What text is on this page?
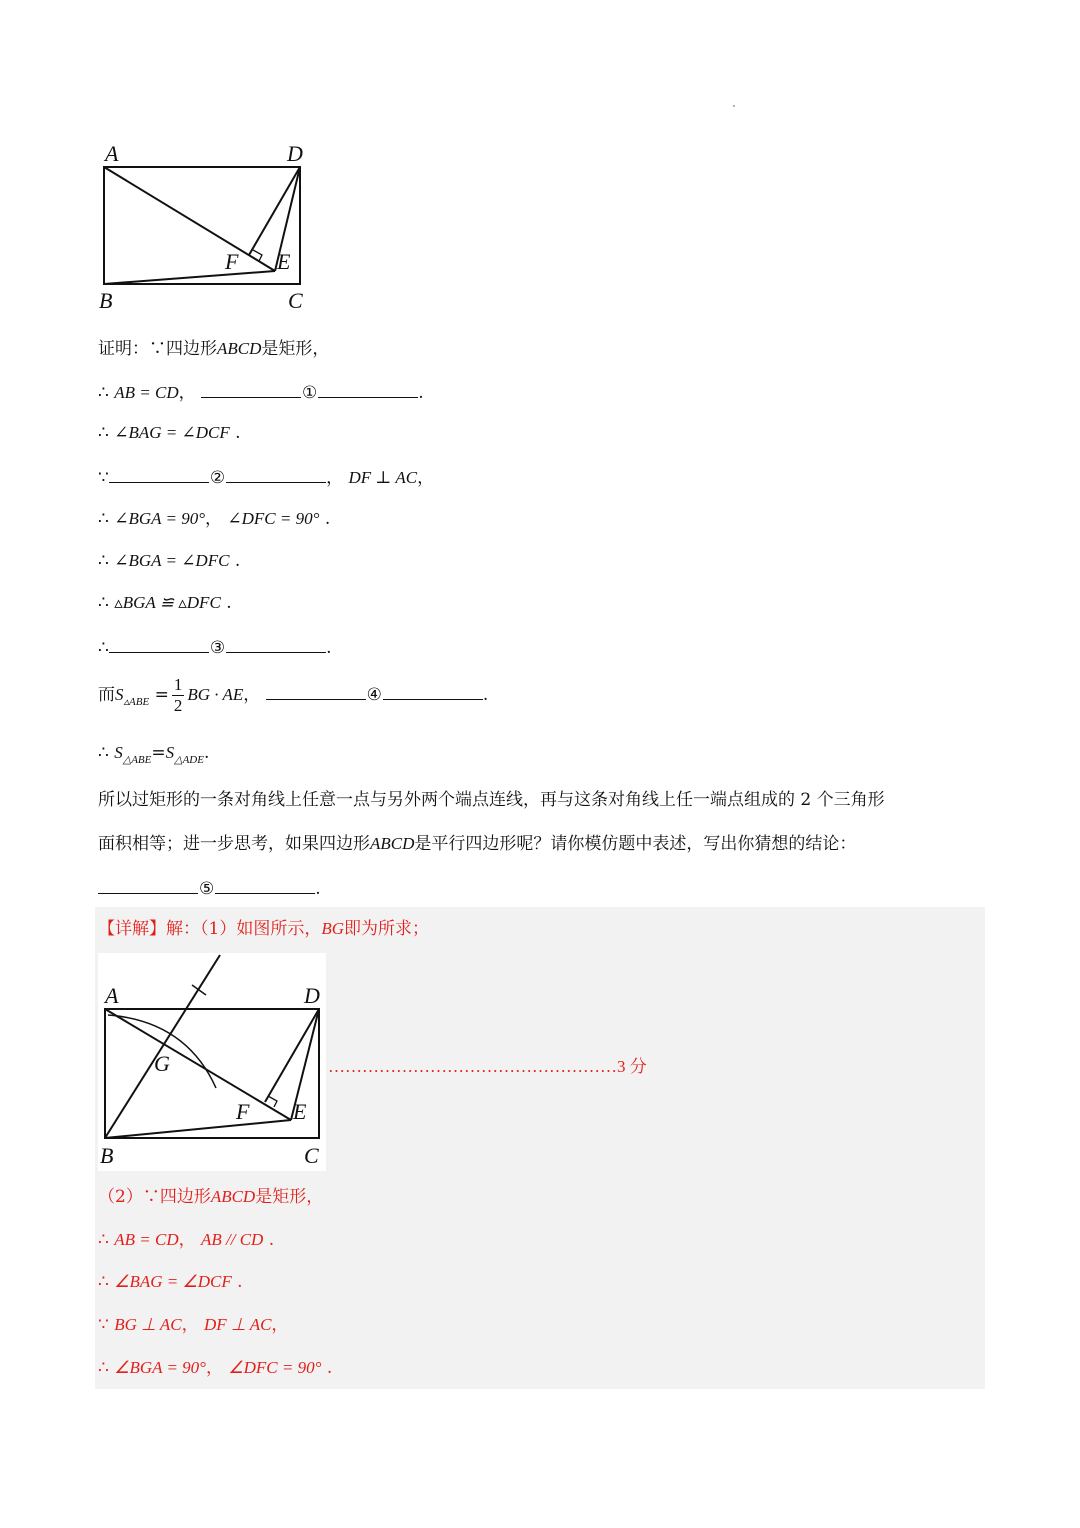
A	D
B	C
F E
证明：∵四边形ABCD是矩形，
∴ AB = CD，	①	.
∴ ∠BAG = ∠DCF .
∵	②	， DF ⊥ AC，
∴ ∠BGA = 90°， ∠DFC = 90° .
∴ ∠BGA = ∠DFC .
∴ ▵BGA ≌ ▵DFC .
∴	③	.
而$S_{▵ABE} = \frac{1}{2}$ BG · AE，	④	.
∴ $S_{\triangle ABE}=S_{\triangle ADE}$.
所以过矩形的一条对角线上任意一点与另外两个端点连线，再与这条对角线上任一端点组成的 2 个三角形
面积相等；进一步思考，如果四边形ABCD是平行四边形呢？请你模仿题中表述，写出你猜想的结论：
⑤	.
【详解】解：（1）如图所示，BG即为所求；
A	D
G
F E
B	C
……………………………………………3 分
（2）∵四边形ABCD是矩形，
∴ AB = CD， AB // CD .
∴ ∠BAG = ∠DCF .
∵ BG ⊥ AC， DF ⊥ AC，
∴ ∠BGA = 90°， ∠DFC = 90° .
